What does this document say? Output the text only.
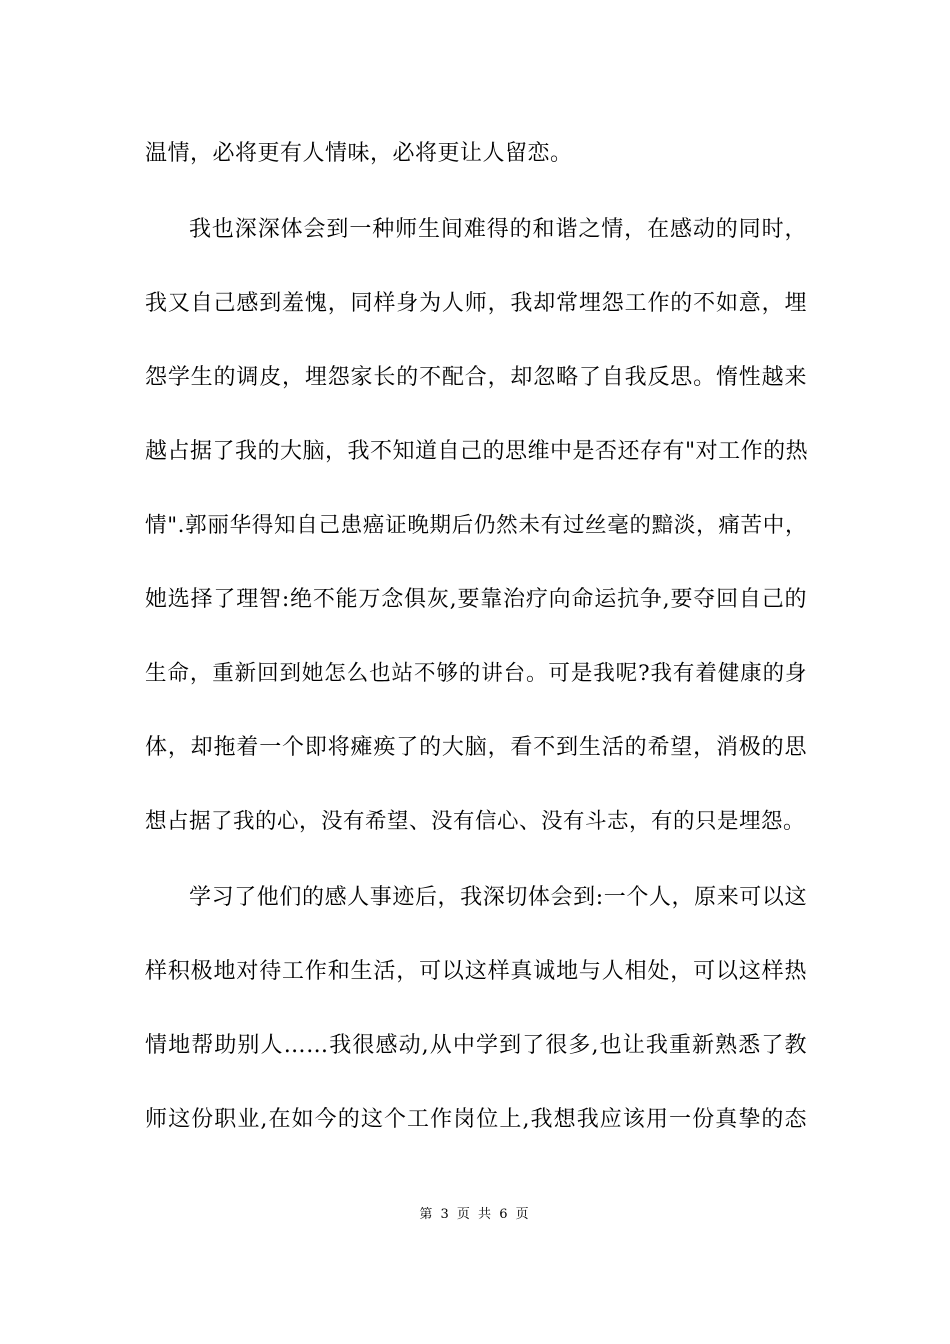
温情，必将更有人情味，必将更让人留恋。
我也深深体会到一种师生间难得的和谐之情，在感动的同时，
我又自己感到羞愧，同样身为人师，我却常埋怨工作的不如意，埋
怨学生的调皮，埋怨家长的不配合，却忽略了自我反思。惰性越来
越占据了我的大脑，我不知道自己的思维中是否还存有"对工作的热
情".郭丽华得知自己患癌证晚期后仍然未有过丝毫的黯淡，痛苦中，
她选择了理智:绝不能万念俱灰,要靠治疗向命运抗争,要夺回自己的
生命，重新回到她怎么也站不够的讲台。可是我呢?我有着健康的身
体，却拖着一个即将瘫痪了的大脑，看不到生活的希望，消极的思
想占据了我的心，没有希望、没有信心、没有斗志，有的只是埋怨。
学习了他们的感人事迹后，我深切体会到:一个人，原来可以这
样积极地对待工作和生活，可以这样真诚地与人相处，可以这样热
情地帮助别人……我很感动,从中学到了很多,也让我重新熟悉了教
师这份职业,在如今的这个工作岗位上,我想我应该用一份真挚的态
第 3 页 共 6 页
